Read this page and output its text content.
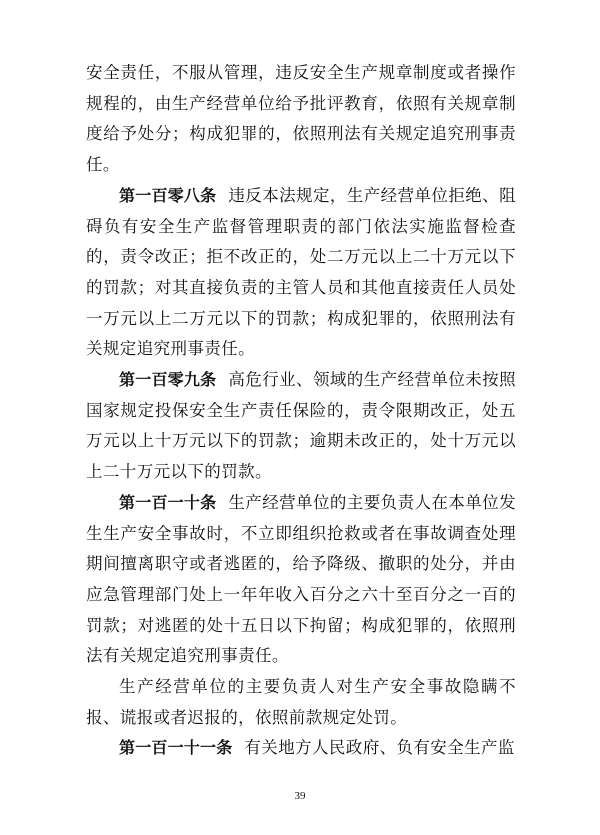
安全责任，不服从管理，违反安全生产规章制度或者操作规程的，由生产经营单位给予批评教育，依照有关规章制度给予处分；构成犯罪的，依照刑法有关规定追究刑事责任。

第一百零八条 违反本法规定，生产经营单位拒绝、阻碍负有安全生产监督管理职责的部门依法实施监督检查的，责令改正；拒不改正的，处二万元以上二十万元以下的罚款；对其直接负责的主管人员和其他直接责任人员处一万元以上二万元以下的罚款；构成犯罪的，依照刑法有关规定追究刑事责任。

第一百零九条 高危行业、领域的生产经营单位未按照国家规定投保安全生产责任保险的，责令限期改正，处五万元以上十万元以下的罚款；逾期未改正的，处十万元以上二十万元以下的罚款。

第一百一十条 生产经营单位的主要负责人在本单位发生生产安全事故时，不立即组织抢救或者在事故调查处理期间擅离职守或者逃匿的，给予降级、撤职的处分，并由应急管理部门处上一年年收入百分之六十至百分之一百的罚款；对逃匿的处十五日以下拘留；构成犯罪的，依照刑法有关规定追究刑事责任。

生产经营单位的主要负责人对生产安全事故隐瞒不报、谎报或者迟报的，依照前款规定处罚。

第一百一十一条 有关地方人民政府、负有安全生产监

39
